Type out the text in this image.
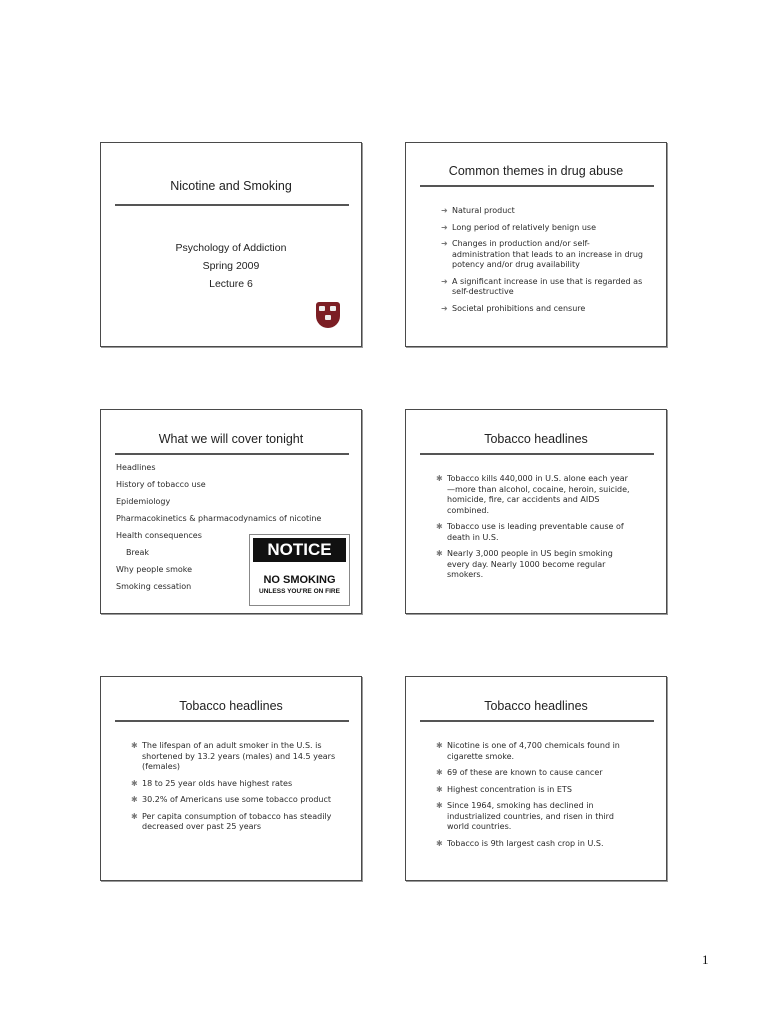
Nicotine and Smoking
Psychology of Addiction
Spring 2009
Lecture 6
Common themes in drug abuse
➜ Natural product
➜ Long period of relatively benign use
➜ Changes in production and/or self-administration that leads to an increase in drug potency and/or drug availability
➜ A significant increase in use that is regarded as self-destructive
➜ Societal prohibitions and censure
What we will cover tonight
Headlines
History of tobacco use
Epidemiology
Pharmacokinetics & pharmacodynamics of nicotine
Health consequences
Break
Why people smoke
Smoking cessation
NOTICE
NO SMOKING
UNLESS YOU'RE ON FIRE
Tobacco headlines
✱ Tobacco kills 440,000 in U.S. alone each year—more than alcohol, cocaine, heroin, suicide, homicide, fire, car accidents and AIDS combined.
✱ Tobacco use is leading preventable cause of death in U.S.
✱ Nearly 3,000 people in US begin smoking every day. Nearly 1000 become regular smokers.
Tobacco headlines
✱ The lifespan of an adult smoker in the U.S. is shortened by 13.2 years (males) and 14.5 years (females)
✱ 18 to 25 year olds have highest rates
✱ 30.2% of Americans use some tobacco product
✱ Per capita consumption of tobacco has steadily decreased over past 25 years
Tobacco headlines
✱ Nicotine is one of 4,700 chemicals found in cigarette smoke.
✱ 69 of these are known to cause cancer
✱ Highest concentration is in ETS
✱ Since 1964, smoking has declined in industrialized countries, and risen in third world countries.
✱ Tobacco is 9th largest cash crop in U.S.
1
